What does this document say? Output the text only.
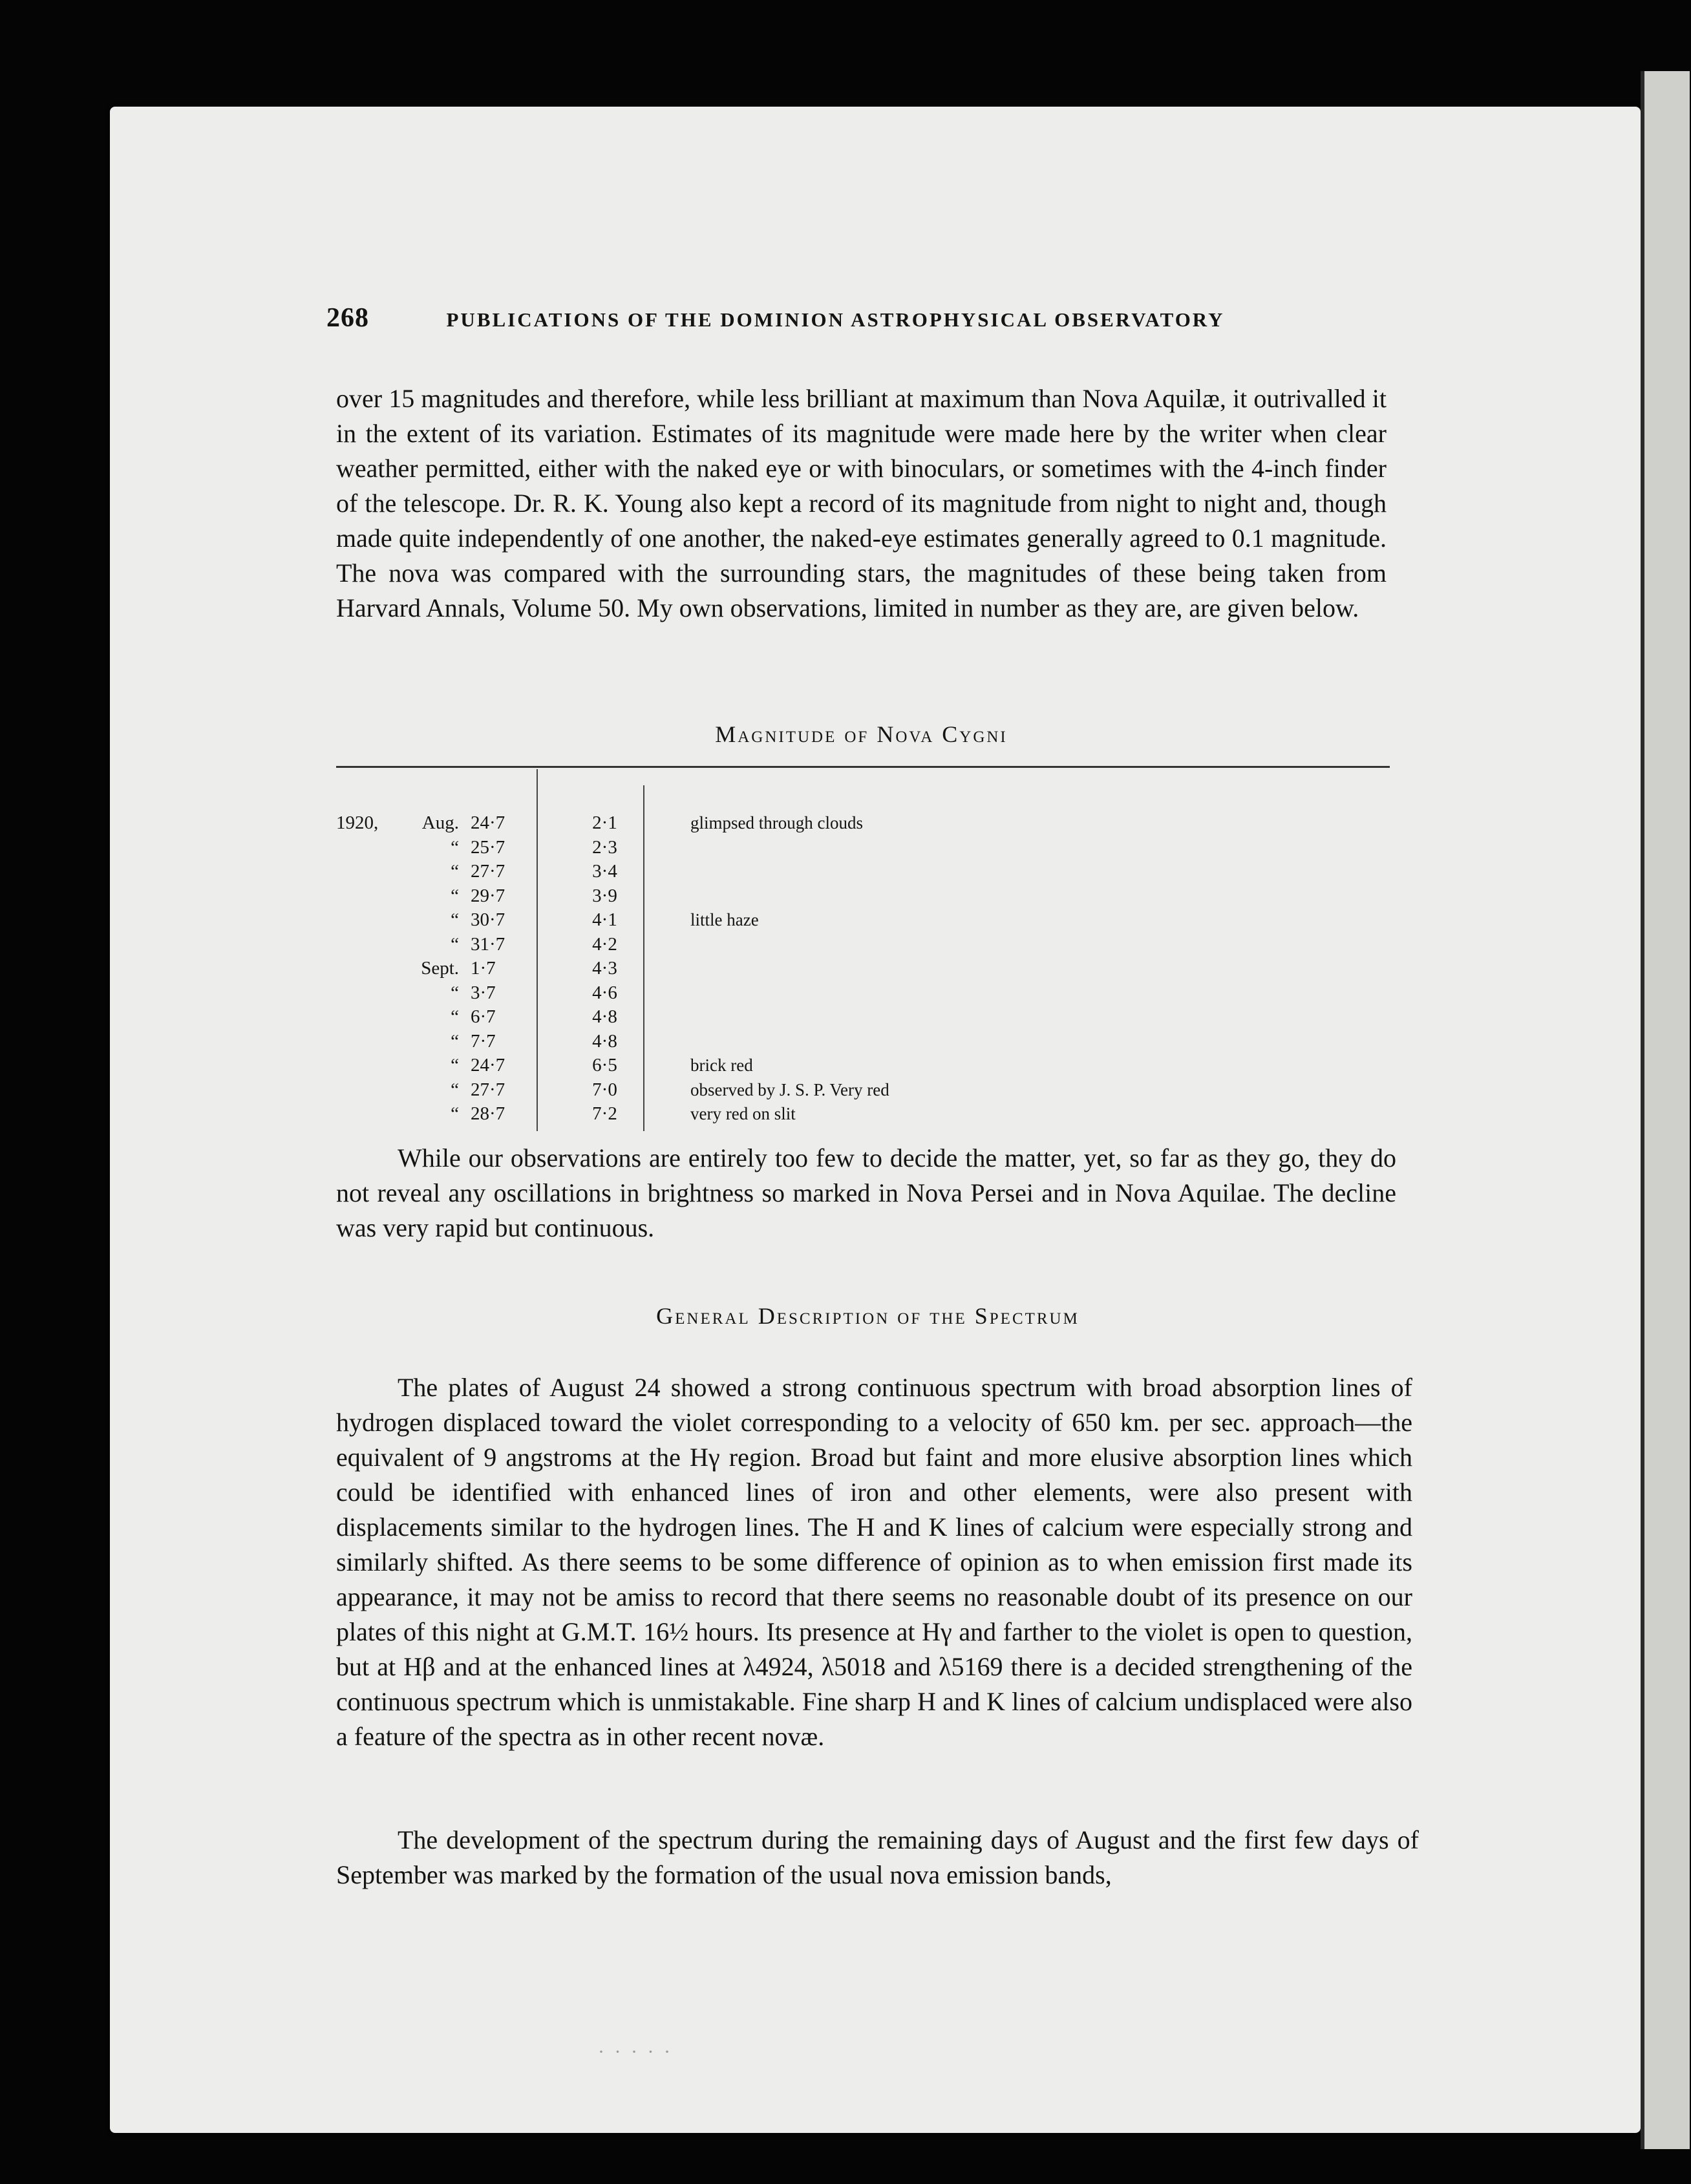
268	PUBLICATIONS OF THE DOMINION ASTROPHYSICAL OBSERVATORY

over 15 magnitudes and therefore, while less brilliant at maximum than Nova Aquilæ, it outrivalled it in the extent of its variation. Estimates of its magnitude were made here by the writer when clear weather permitted, either with the naked eye or with binoculars, or sometimes with the 4-inch finder of the telescope. Dr. R. K. Young also kept a record of its magnitude from night to night and, though made quite independently of one another, the naked-eye estimates generally agreed to 0.1 magnitude. The nova was compared with the surrounding stars, the magnitudes of these being taken from Harvard Annals, Volume 50. My own observations, limited in number as they are, are given below.

Magnitude of Nova Cygni
1920,	Aug.	24·7	2·1	glimpsed through clouds
	“	25·7	2·3	
	“	27·7	3·4	
	“	29·7	3·9	
	“	30·7	4·1	little haze
	“	31·7	4·2	
	Sept.	1·7	4·3	
	“	3·7	4·6	
	“	6·7	4·8	
	“	7·7	4·8	
	“	24·7	6·5	brick red
	“	27·7	7·0	observed by J. S. P. Very red
	“	28·7	7·2	very red on slit

While our observations are entirely too few to decide the matter, yet, so far as they go, they do not reveal any oscillations in brightness so marked in Nova Persei and in Nova Aquilae. The decline was very rapid but continuous.

General Description of the Spectrum

The plates of August 24 showed a strong continuous spectrum with broad absorption lines of hydrogen displaced toward the violet corresponding to a velocity of 650 km. per sec. approach—the equivalent of 9 angstroms at the Hγ region. Broad but faint and more elusive absorption lines which could be identified with enhanced lines of iron and other elements, were also present with displacements similar to the hydrogen lines. The H and K lines of calcium were especially strong and similarly shifted. As there seems to be some difference of opinion as to when emission first made its appearance, it may not be amiss to record that there seems no reasonable doubt of its presence on our plates of this night at G.M.T. 16½ hours. Its presence at Hγ and farther to the violet is open to question, but at Hβ and at the enhanced lines at λ4924, λ5018 and λ5169 there is a decided strengthening of the continuous spectrum which is unmistakable. Fine sharp H and K lines of calcium undisplaced were also a feature of the spectra as in other recent novæ.

The development of the spectrum during the remaining days of August and the first few days of September was marked by the formation of the usual nova emission bands,

· · · · ·
